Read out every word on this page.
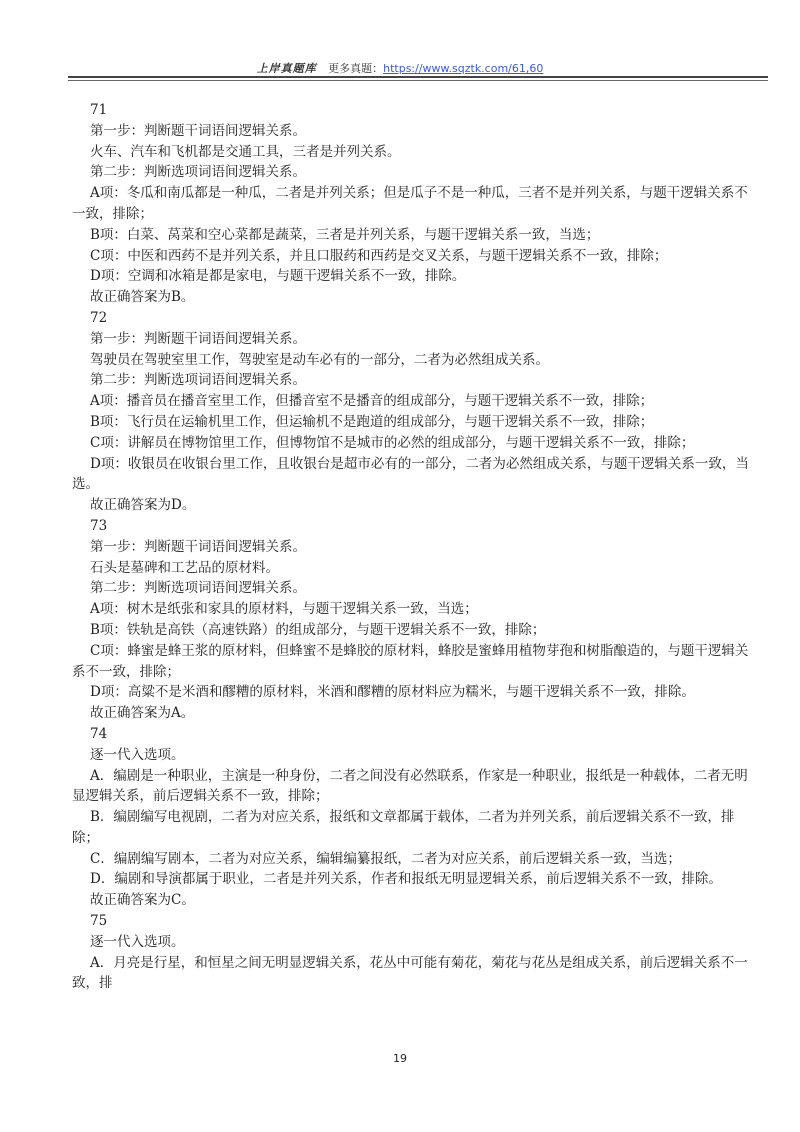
上岸真题库 更多真题：https://www.sqztk.com/61,60

71

第一步：判断题干词语间逻辑关系。

火车、汽车和飞机都是交通工具，三者是并列关系。

第二步：判断选项词语间逻辑关系。

A项：冬瓜和南瓜都是一种瓜，二者是并列关系；但是瓜子不是一种瓜，三者不是并列关系，与题干逻辑关系不一致，排除；

B项：白菜、莴菜和空心菜都是蔬菜，三者是并列关系，与题干逻辑关系一致，当选；

C项：中医和西药不是并列关系，并且口服药和西药是交叉关系，与题干逻辑关系不一致，排除；

D项：空调和冰箱是都是家电，与题干逻辑关系不一致，排除。

故正确答案为B。

72

第一步：判断题干词语间逻辑关系。

驾驶员在驾驶室里工作，驾驶室是动车必有的一部分，二者为必然组成关系。

第二步：判断选项词语间逻辑关系。

A项：播音员在播音室里工作，但播音室不是播音的组成部分，与题干逻辑关系不一致，排除；

B项：飞行员在运输机里工作，但运输机不是跑道的组成部分，与题干逻辑关系不一致，排除；

C项：讲解员在博物馆里工作，但博物馆不是城市的必然的组成部分，与题干逻辑关系不一致，排除；

D项：收银员在收银台里工作，且收银台是超市必有的一部分，二者为必然组成关系，与题干逻辑关系一致，当选。

故正确答案为D。

73

第一步：判断题干词语间逻辑关系。

石头是墓碑和工艺品的原材料。

第二步：判断选项词语间逻辑关系。

A项：树木是纸张和家具的原材料，与题干逻辑关系一致，当选；

B项：铁轨是高铁（高速铁路）的组成部分，与题干逻辑关系不一致，排除；

C项：蜂蜜是蜂王浆的原材料，但蜂蜜不是蜂胶的原材料，蜂胶是蜜蜂用植物芽孢和树脂酿造的，与题干逻辑关系不一致，排除；

D项：高粱不是米酒和醪糟的原材料，米酒和醪糟的原材料应为糯米，与题干逻辑关系不一致，排除。

故正确答案为A。

74

逐一代入选项。

A．编剧是一种职业，主演是一种身份，二者之间没有必然联系，作家是一种职业，报纸是一种载体，二者无明显逻辑关系，前后逻辑关系不一致，排除；

B．编剧编写电视剧，二者为对应关系，报纸和文章都属于载体，二者为并列关系，前后逻辑关系不一致，排除；

C．编剧编写剧本，二者为对应关系，编辑编纂报纸，二者为对应关系，前后逻辑关系一致，当选；

D．编剧和导演都属于职业，二者是并列关系，作者和报纸无明显逻辑关系，前后逻辑关系不一致，排除。

故正确答案为C。

75

逐一代入选项。

A．月亮是行星，和恒星之间无明显逻辑关系，花丛中可能有菊花，菊花与花丛是组成关系，前后逻辑关系不一致，排

19
